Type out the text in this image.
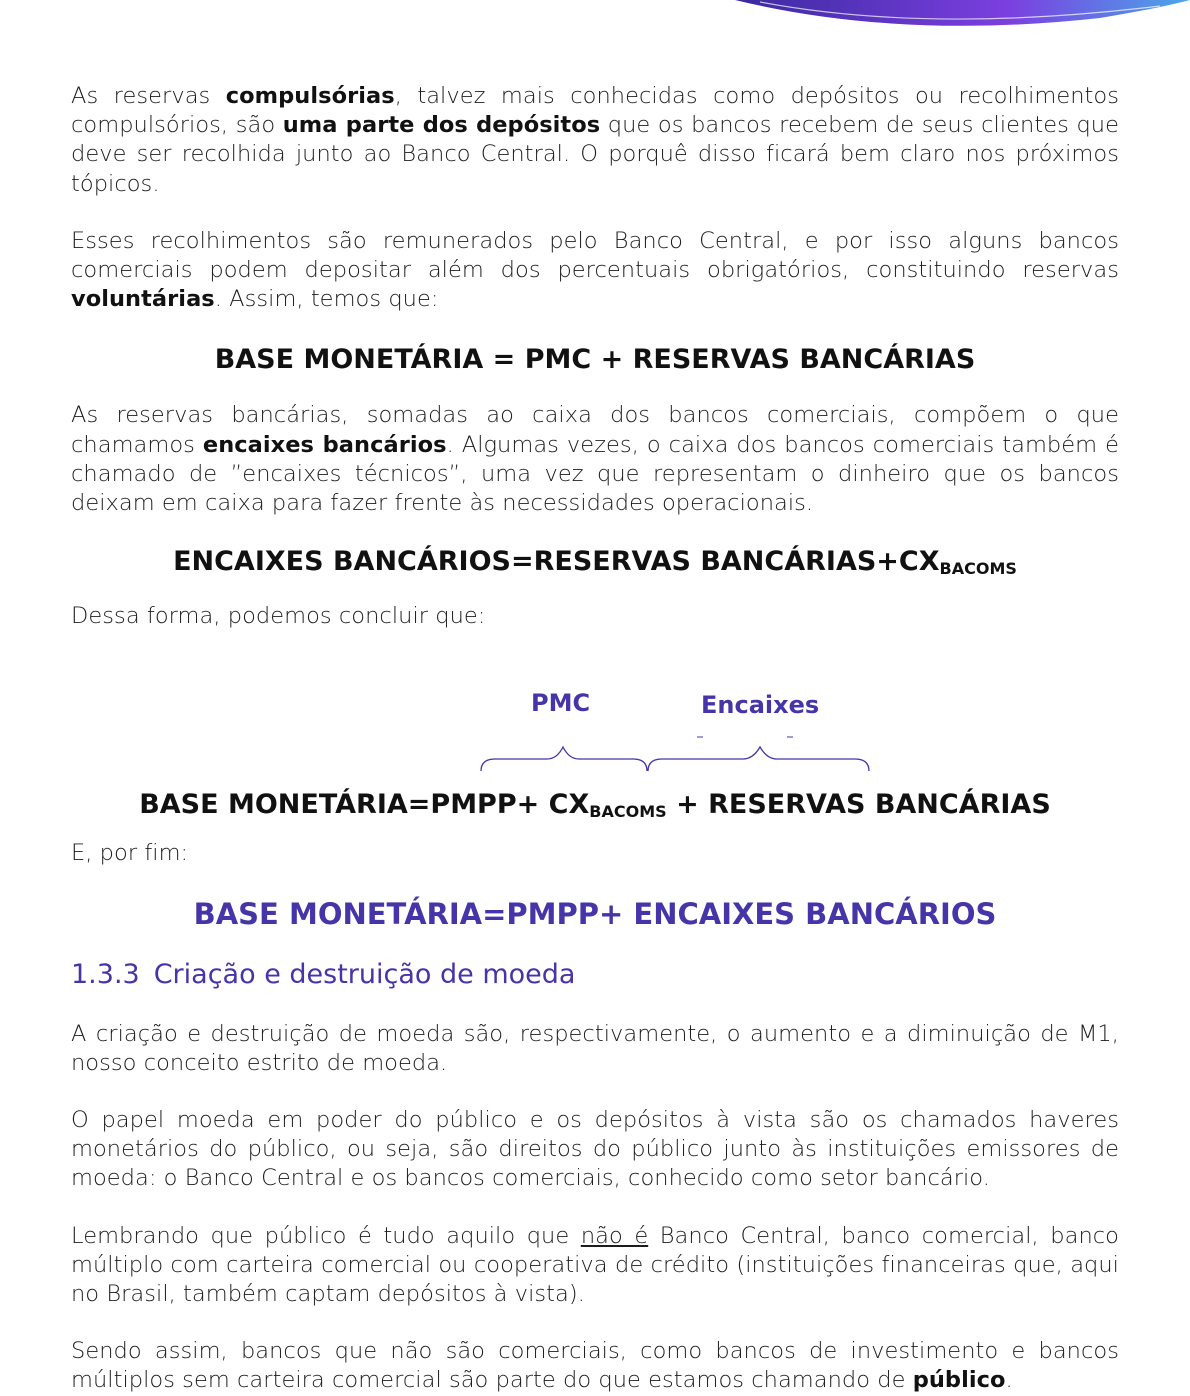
As reservas compulsórias, talvez mais conhecidas como depósitos ou recolhimentos compulsórios, são uma parte dos depósitos que os bancos recebem de seus clientes que deve ser recolhida junto ao Banco Central. O porquê disso ficará bem claro nos próximos tópicos.

Esses recolhimentos são remunerados pelo Banco Central, e por isso alguns bancos comerciais podem depositar além dos percentuais obrigatórios, constituindo reservas voluntárias. Assim, temos que:

BASE MONETÁRIA = PMC + RESERVAS BANCÁRIAS

As reservas bancárias, somadas ao caixa dos bancos comerciais, compõem o que chamamos encaixes bancários. Algumas vezes, o caixa dos bancos comerciais também é chamado de ”encaixes técnicos”, uma vez que representam o dinheiro que os bancos deixam em caixa para fazer frente às necessidades operacionais.

ENCAIXES BANCÁRIOS=RESERVAS $BANCÁRIAS+CX_{BACOMS}$

Dessa forma, podemos concluir que:

PMC	Encaixes

BASE MONETÁRIA=PMPP+ $CX_{BACOMS}$ + RESERVAS BANCÁRIAS

E, por fim:

BASE MONETÁRIA=PMPP+ ENCAIXES BANCÁRIOS

1.3.3 Criação e destruição de moeda

A criação e destruição de moeda são, respectivamente, o aumento e a diminuição de M1, nosso conceito estrito de moeda.

O papel moeda em poder do público e os depósitos à vista são os chamados haveres monetários do público, ou seja, são direitos do público junto às instituições emissores de moeda: o Banco Central e os bancos comerciais, conhecido como setor bancário.

Lembrando que público é tudo aquilo que não é Banco Central, banco comercial, banco múltiplo com carteira comercial ou cooperativa de crédito (instituições financeiras que, aqui no Brasil, também captam depósitos à vista).

Sendo assim, bancos que não são comerciais, como bancos de investimento e bancos múltiplos sem carteira comercial são parte do que estamos chamando de público.
